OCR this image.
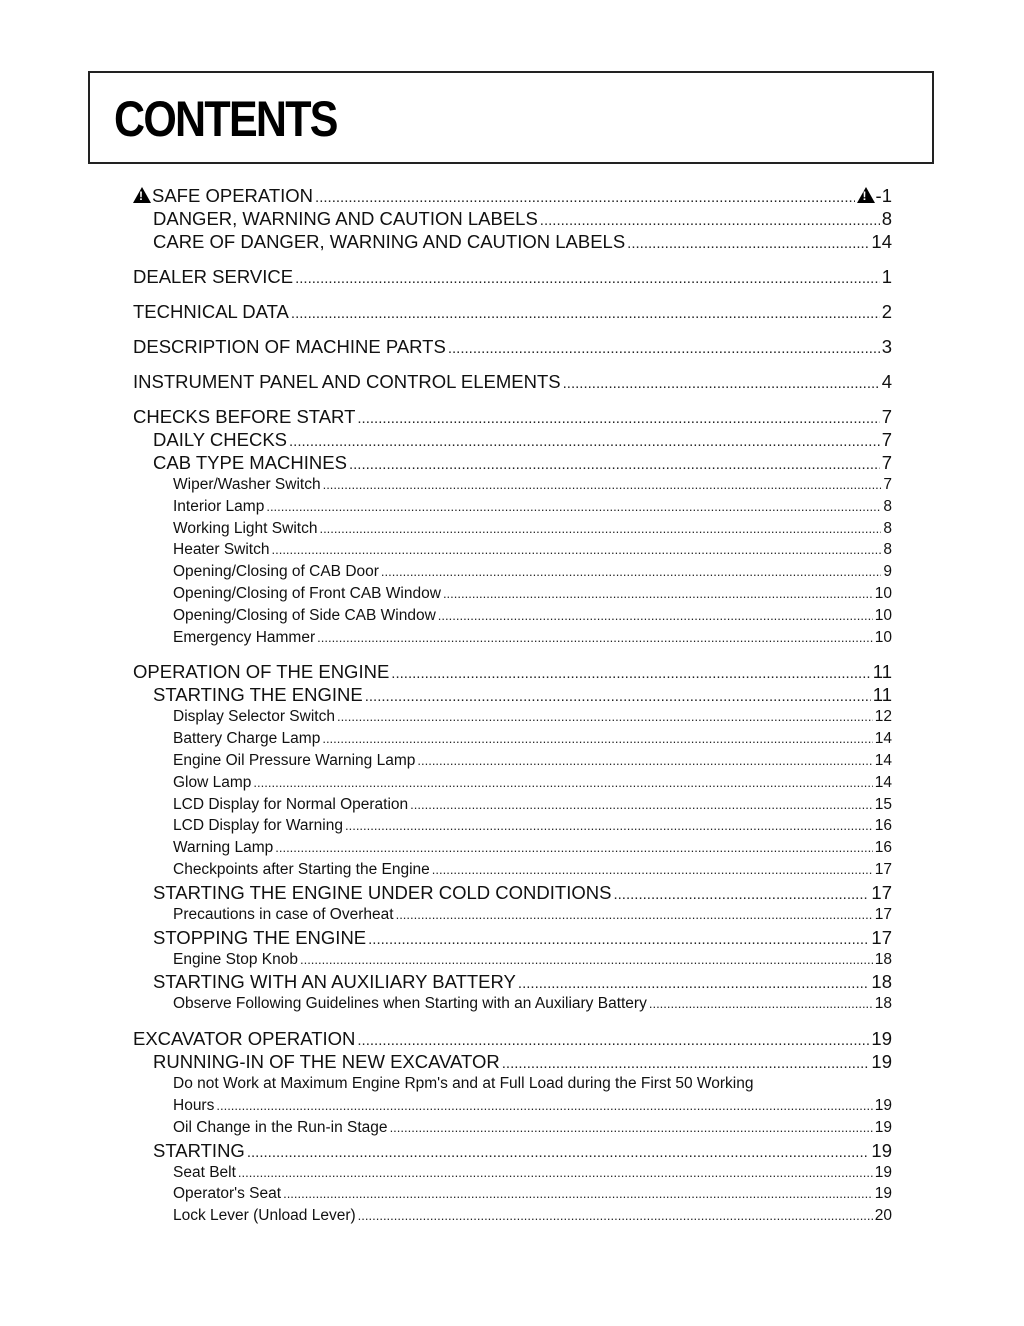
CONTENTS
!SAFE OPERATION ..... !	-1
DANGER, WARNING AND CAUTION LABELS .....	8
CARE OF DANGER, WARNING AND CAUTION LABELS .....	14
DEALER SERVICE .....	1
TECHNICAL DATA .....	2
DESCRIPTION OF MACHINE PARTS .....	3
INSTRUMENT PANEL AND CONTROL ELEMENTS .....	4
CHECKS BEFORE START .....	7
DAILY CHECKS .....	7
CAB TYPE MACHINES .....	7
Wiper/Washer Switch .....	7
Interior Lamp .....	8
Working Light Switch .....	8
Heater Switch .....	8
Opening/Closing of CAB Door .....	9
Opening/Closing of Front CAB Window .....	10
Opening/Closing of Side CAB Window .....	10
Emergency Hammer .....	10
OPERATION OF THE ENGINE .....	11
STARTING THE ENGINE .....	11
Display Selector Switch .....	12
Battery Charge Lamp .....	14
Engine Oil Pressure Warning Lamp .....	14
Glow Lamp .....	14
LCD Display for Normal Operation .....	15
LCD Display for Warning .....	16
Warning Lamp .....	16
Checkpoints after Starting the Engine .....	17
STARTING THE ENGINE UNDER COLD CONDITIONS .....	17
Precautions in case of Overheat .....	17
STOPPING THE ENGINE .....	17
Engine Stop Knob .....	18
STARTING WITH AN AUXILIARY BATTERY .....	18
Observe Following Guidelines when Starting with an Auxiliary Battery .....	18
EXCAVATOR OPERATION .....	19
RUNNING-IN OF THE NEW EXCAVATOR .....	19
Do not Work at Maximum Engine Rpm's and at Full Load during the First 50 Working
Hours .....	19
Oil Change in the Run-in Stage .....	19
STARTING .....	19
Seat Belt .....	19
Operator's Seat .....	19
Lock Lever (Unload Lever) .....	20
